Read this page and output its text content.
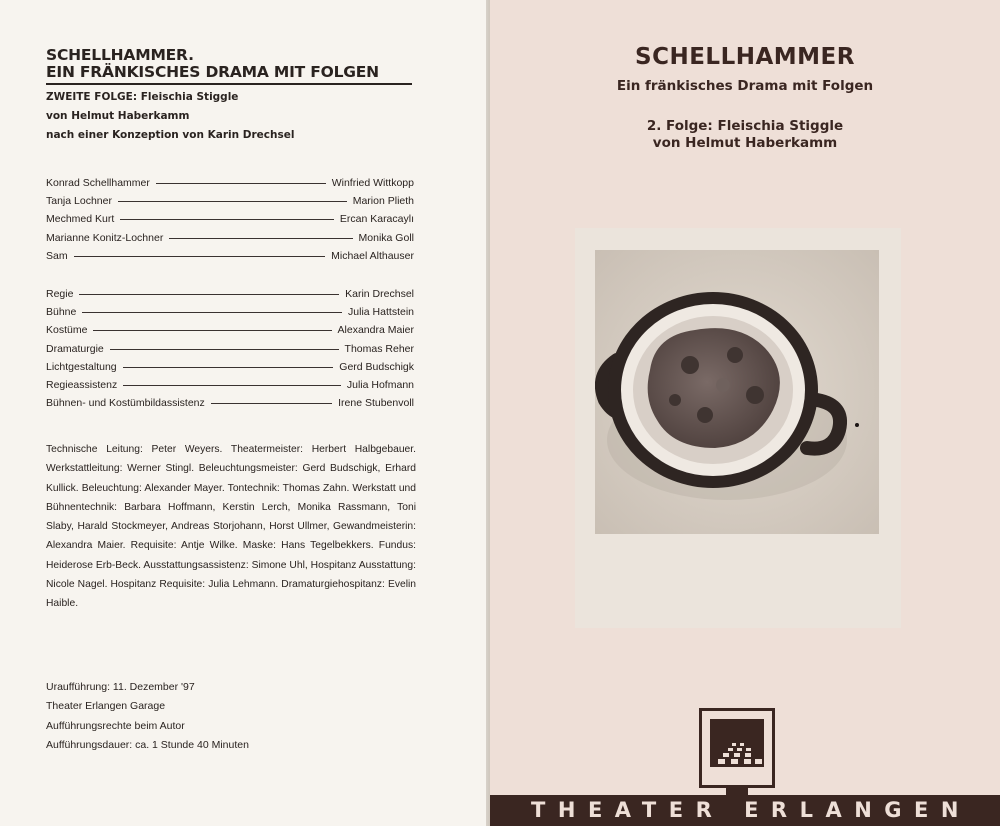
SCHELLHAMMER.
EIN FRÄNKISCHES DRAMA MIT FOLGEN
ZWEITE FOLGE: Fleischia Stiggle
von Helmut Haberkamm
nach einer Konzeption von Karin Drechsel
Konrad Schellhammer	Winfried Wittkopp
Tanja Lochner	Marion Plieth
Mechmed Kurt	Ercan Karacaylı
Marianne Konitz-Lochner	Monika Goll
Sam	Michael Althauser
Regie	Karin Drechsel
Bühne	Julia Hattstein
Kostüme	Alexandra Maier
Dramaturgie	Thomas Reher
Lichtgestaltung	Gerd Budschigk
Regieassistenz	Julia Hofmann
Bühnen- und Kostümbildassistenz	Irene Stubenvoll
Technische Leitung: Peter Weyers. Theatermeister: Herbert Halbgebauer. Werkstattleitung: Werner Stingl. Beleuchtungsmeister: Gerd Budschigk, Erhard Kullick. Beleuchtung: Alexander Mayer. Tontechnik: Thomas Zahn. Werkstatt und Bühnentechnik: Barbara Hoffmann, Kerstin Lerch, Monika Rassmann, Toni Slaby, Harald Stockmeyer, Andreas Storjohann, Horst Ullmer, Gewandmeisterin: Alexandra Maier. Requisite: Antje Wilke. Maske: Hans Tegelbekkers. Fundus: Heiderose Erb-Beck. Ausstattungsassistenz: Simone Uhl, Hospitanz Ausstattung: Nicole Nagel. Hospitanz Requisite: Julia Lehmann. Dramaturgiehospitanz: Evelin Haible.
Uraufführung: 11. Dezember '97
Theater Erlangen Garage
Aufführungsrechte beim Autor
Aufführungsdauer: ca. 1 Stunde 40 Minuten
SCHELLHAMMER
Ein fränkisches Drama mit Folgen
2. Folge: Fleischia Stiggle
von Helmut Haberkamm
THEATER ERLANGEN
